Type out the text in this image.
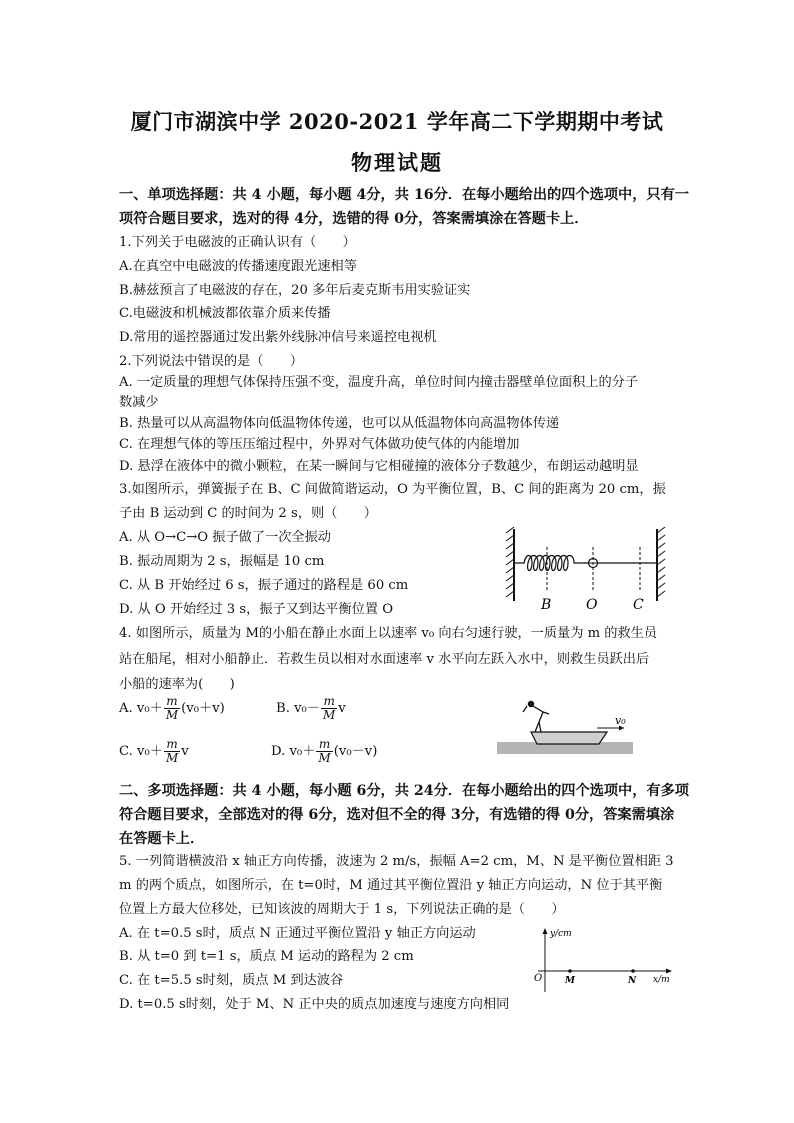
厦门市湖滨中学 2020-2021 学年高二下学期期中考试
物理试题
一、单项选择题：共 4 小题，每小题 4分，共 16分．在每小题给出的四个选项中，只有一
项符合题目要求，选对的得 4分，选错的得 0分，答案需填涂在答题卡上．
1.下列关于电磁波的正确认识有（　　）
A.在真空中电磁波的传播速度跟光速相等
B.赫兹预言了电磁波的存在，20 多年后麦克斯韦用实验证实
C.电磁波和机械波都依靠介质来传播
D.常用的遥控器通过发出紫外线脉冲信号来遥控电视机
2.下列说法中错误的是（　　）
A. 一定质量的理想气体保持压强不变，温度升高，单位时间内撞击器壁单位面积上的分子
数减少
B. 热量可以从高温物体向低温物体传递，也可以从低温物体向高温物体传递
C. 在理想气体的等压压缩过程中，外界对气体做功使气体的内能增加
D. 悬浮在液体中的微小颗粒，在某一瞬间与它相碰撞的液体分子数越少，布朗运动越明显
3.如图所示，弹簧振子在 B、C 间做简谐运动，O 为平衡位置，B、C 间的距离为 20 cm，振
子由 B 运动到 C 的时间为 2 s，则（　　）
A. 从 O→C→O 振子做了一次全振动
B. 振动周期为 2 s，振幅是 10 cm
C. 从 B 开始经过 6 s，振子通过的路程是 60 cm
D. 从 O 开始经过 3 s，振子又到达平衡位置 O	B O	C
4. 如图所示，质量为 M的小船在静止水面上以速率 v₀ 向右匀速行驶，一质量为 m 的救生员
站在船尾，相对小船静止．若救生员以相对水面速率 v 水平向左跃入水中，则救生员跃出后
小船的速率为(　　)
A. $v_0+ \frac{m}{M} (v_0+v)$	B. $v_0- \frac{m}{M}$ v
C. $v_0+ \frac{m}{M}$ v	D. $v_0+ \frac{m}{M} (v_0-v)$
v₀
二、多项选择题：共 4 小题，每小题 6分，共 24分．在每小题给出的四个选项中，有多项
符合题目要求，全部选对的得 6分，选对但不全的得 3分，有选错的得 0分，答案需填涂
在答题卡上．
5. 一列简谐横波沿 x 轴正方向传播，波速为 2 m/s，振幅 A=2 cm，M、N 是平衡位置相距 3
m 的两个质点，如图所示，在 t=0时，M 通过其平衡位置沿 y 轴正方向运动，N 位于其平衡
位置上方最大位移处，已知该波的周期大于 1 s，下列说法正确的是（　　）
A. 在 t=0.5 s时，质点 N 正通过平衡位置沿 y 轴正方向运动
B. 从 t=0 到 t=1 s，质点 M 运动的路程为 2 cm
C. 在 t=5.5 s时刻，质点 M 到达波谷
D. t=0.5 s时刻，处于 M、N 正中央的质点加速度与速度方向相同
y/cm
x/m
O	M	N
